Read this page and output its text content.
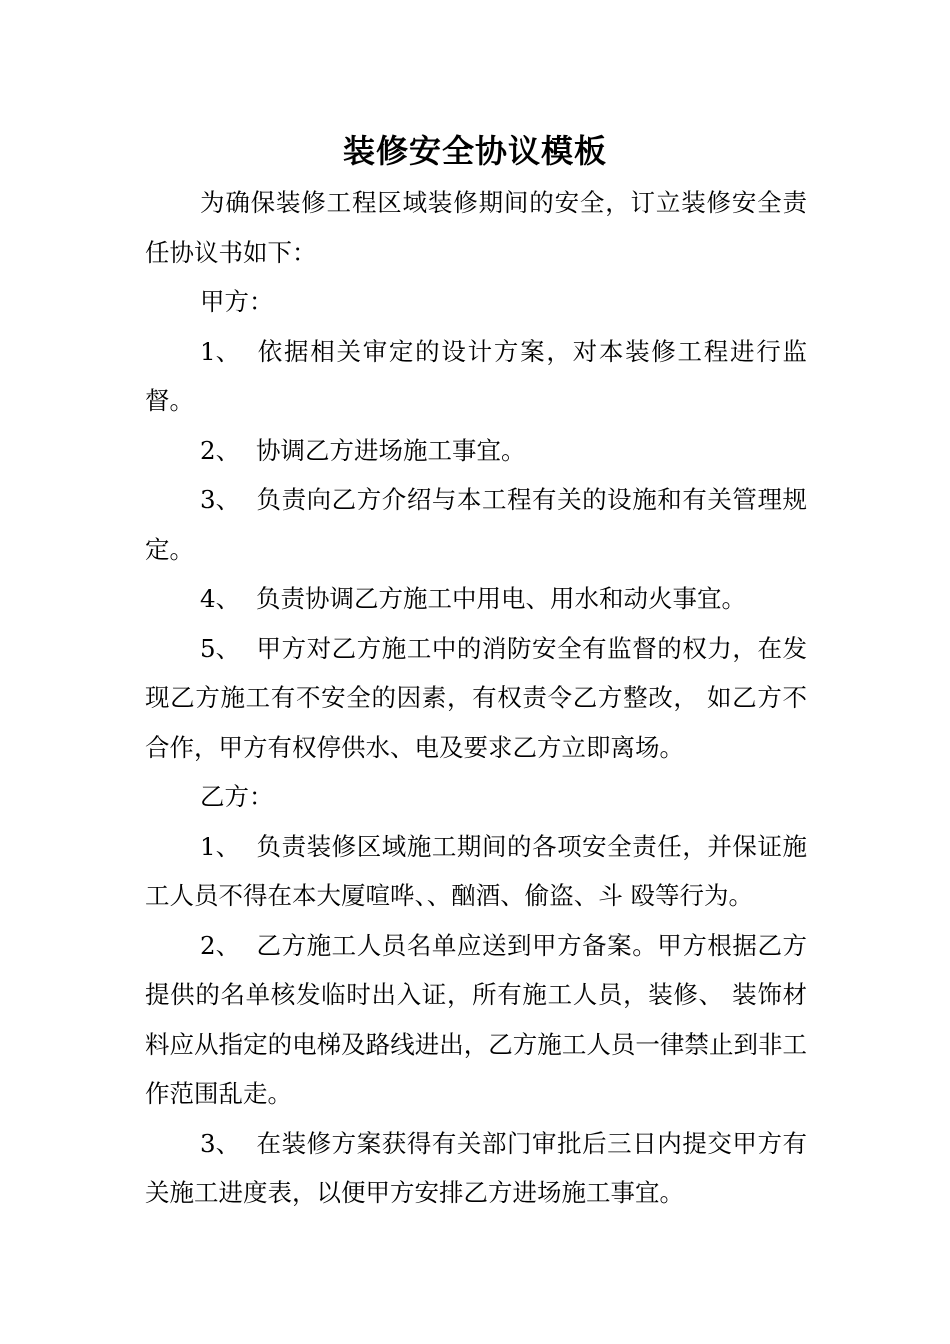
装修安全协议模板

为确保装修工程区域装修期间的安全，订立装修安全责任协议书如下：

甲方：

1、 依据相关审定的设计方案，对本装修工程进行监督。

2、 协调乙方进场施工事宜。

3、 负责向乙方介绍与本工程有关的设施和有关管理规定。

4、 负责协调乙方施工中用电、用水和动火事宜。

5、 甲方对乙方施工中的消防安全有监督的权力，在发现乙方施工有不安全的因素，有权责令乙方整改， 如乙方不合作，甲方有权停供水、电及要求乙方立即离场。

乙方：

1、 负责装修区域施工期间的各项安全责任，并保证施工人员不得在本大厦喧哗、、酗酒、偷盗、斗 殴等行为。

2、 乙方施工人员名单应送到甲方备案。甲方根据乙方提供的名单核发临时出入证，所有施工人员，装修、 装饰材料应从指定的电梯及路线进出，乙方施工人员一律禁止到非工作范围乱走。

3、 在装修方案获得有关部门审批后三日内提交甲方有关施工进度表，以便甲方安排乙方进场施工事宜。
